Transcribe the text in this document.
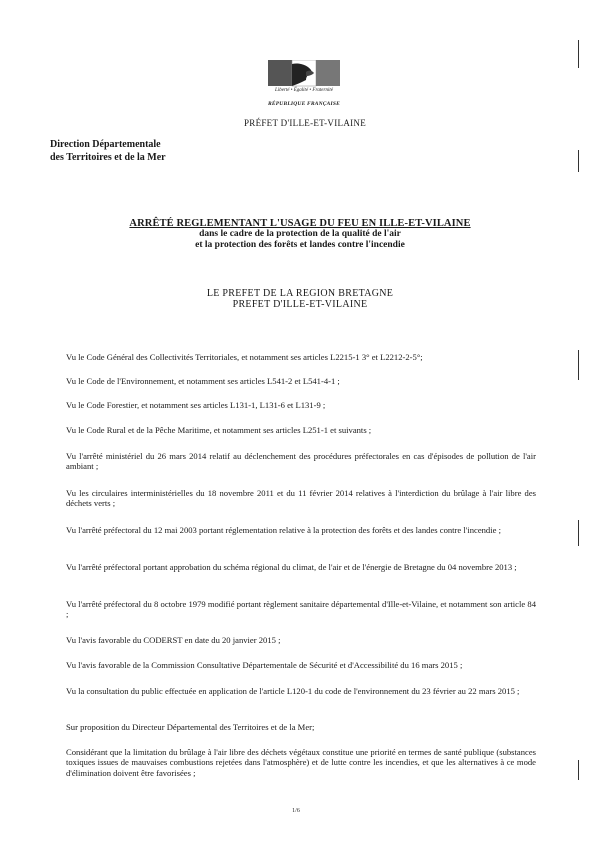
Liberté • Égalité • Fraternité
RÉPUBLIQUE FRANÇAISE
PRÉFET D'ILLE-ET-VILAINE
Direction Départementale
des Territoires et de la Mer
ARRÊTÉ REGLEMENTANT L'USAGE DU FEU EN ILLE-ET-VILAINE
dans le cadre de la protection de la qualité de l'air
et la protection des forêts et landes contre l'incendie
LE PREFET DE LA REGION BRETAGNE
PREFET D'ILLE-ET-VILAINE

Vu le Code Général des Collectivités Territoriales, et notamment ses articles L2215-1 3° et L2212-2-5°;

Vu le Code de l'Environnement, et notamment ses articles L541-2 et L541-4-1 ;

Vu le Code Forestier, et notamment ses articles L131-1, L131-6 et L131-9 ;

Vu le Code Rural et de la Pêche Maritime, et notamment ses articles L251-1 et suivants ;

Vu l'arrêté ministériel du 26 mars 2014 relatif au déclenchement des procédures préfectorales en cas d'épisodes de pollution de l'air ambiant ;

Vu les circulaires interministérielles du 18 novembre 2011 et du 11 février 2014 relatives à l'interdiction du brûlage à l'air libre des déchets verts ;

Vu l'arrêté préfectoral du 12 mai 2003 portant réglementation relative à la protection des forêts et des landes contre l'incendie ;

Vu l'arrêté préfectoral portant approbation du schéma régional du climat, de l'air et de l'énergie de Bretagne du 04 novembre 2013 ;

Vu l'arrêté préfectoral du 8 octobre 1979 modifié portant règlement sanitaire départemental d'Ille-et-Vilaine, et notamment son article 84 ;

Vu l'avis favorable du CODERST en date du 20 janvier 2015 ;

Vu l'avis favorable de la Commission Consultative Départementale de Sécurité et d'Accessibilité du 16 mars 2015 ;

Vu la consultation du public effectuée en application de l'article L120-1 du code de l'environnement du 23 février au 22 mars 2015 ;

Sur proposition du Directeur Départemental des Territoires et de la Mer;

Considérant que la limitation du brûlage à l'air libre des déchets végétaux constitue une priorité en termes de santé publique (substances toxiques issues de mauvaises combustions rejetées dans l'atmosphère) et de lutte contre les incendies, et que les alternatives à ce mode d'élimination doivent être favorisées ;

1/6
